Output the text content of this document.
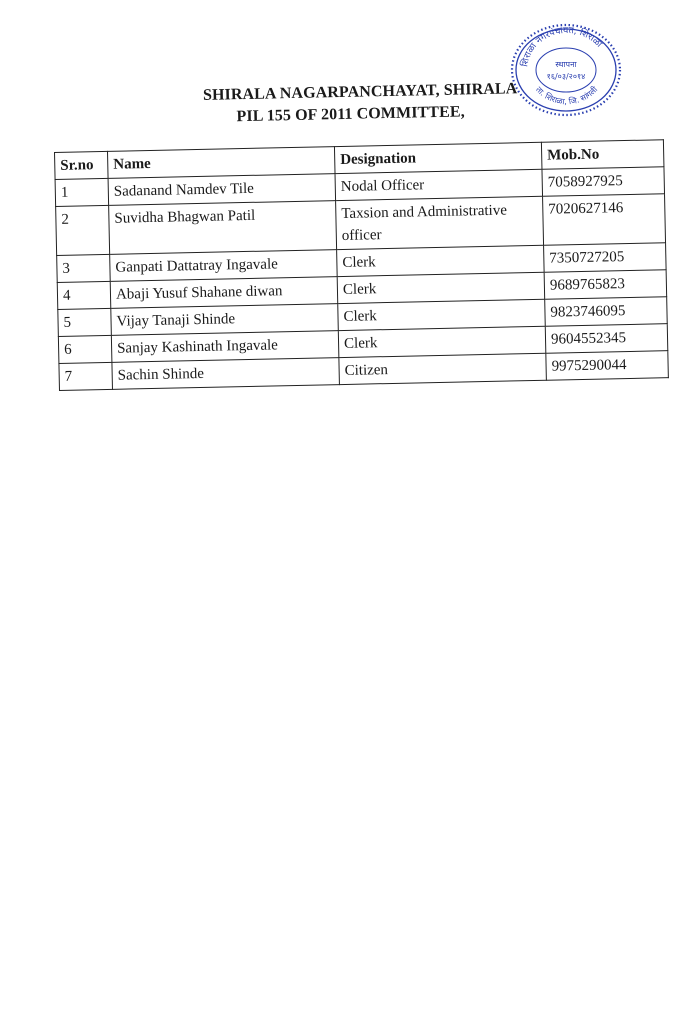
शिराळा नगरपंचायत, शिराळा
ता. शिराळा, जि. सांगली
स्थापना
१६/०३/२०१४
SHIRALA NAGARPANCHAYAT, SHIRALA
PIL 155 OF 2011 COMMITTEE,
Sr.no	Name	Designation	Mob.No
1	Sadanand Namdev Tile	Nodal Officer	7058927925
2	Suvidha Bhagwan Patil	Taxsion and Administrative officer	7020627146
3	Ganpati Dattatray Ingavale	Clerk	7350727205
4	Abaji Yusuf Shahane diwan	Clerk	9689765823
5	Vijay Tanaji Shinde	Clerk	9823746095
6	Sanjay Kashinath Ingavale	Clerk	9604552345
7	Sachin Shinde	Citizen	9975290044
